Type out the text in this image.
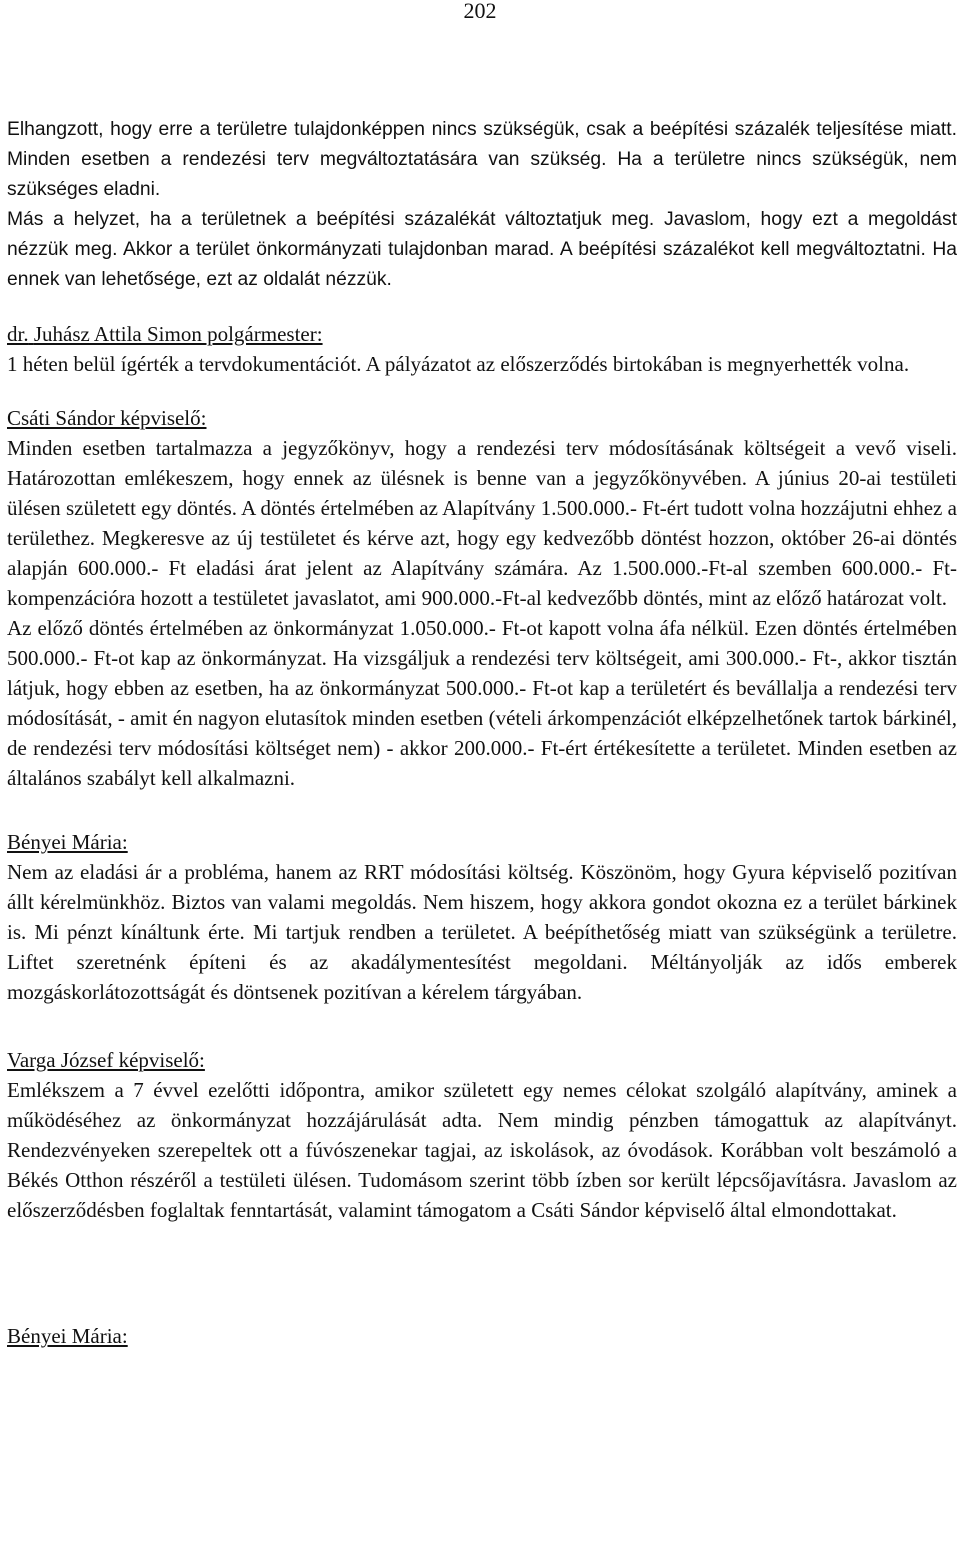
202

Elhangzott, hogy erre a területre tulajdonképpen nincs szükségük, csak a beépítési százalék teljesítése miatt. Minden esetben a rendezési terv megváltoztatására van szükség. Ha a területre nincs szükségük, nem szükséges eladni.

Más a helyzet, ha a területnek a beépítési százalékát változtatjuk meg. Javaslom, hogy ezt a megoldást nézzük meg. Akkor a terület önkormányzati tulajdonban marad. A beépítési százalékot kell megváltoztatni. Ha ennek van lehetősége, ezt az oldalát nézzük.

dr. Juhász Attila Simon polgármester:

1 héten belül ígérték a tervdokumentációt. A pályázatot az előszerződés birtokában is megnyerhették volna.

Csáti Sándor képviselő:

Minden esetben tartalmazza a jegyzőkönyv, hogy a rendezési terv módosításának költségeit a vevő viseli. Határozottan emlékeszem, hogy ennek az ülésnek is benne van a jegyzőkönyvében. A június 20-ai testületi ülésen született egy döntés. A döntés értelmében az Alapítvány 1.500.000.- Ft-ért tudott volna hozzájutni ehhez a területhez. Megkeresve az új testületet és kérve azt, hogy egy kedvezőbb döntést hozzon, október 26-ai döntés alapján 600.000.- Ft eladási árat jelent az Alapítvány számára. Az 1.500.000.-Ft-al szemben 600.000.- Ft- kompenzációra hozott a testületet javaslatot, ami 900.000.-Ft-al kedvezőbb döntés, mint az előző határozat volt.

Az előző döntés értelmében az önkormányzat 1.050.000.- Ft-ot kapott volna áfa nélkül. Ezen döntés értelmében 500.000.- Ft-ot kap az önkormányzat. Ha vizsgáljuk a rendezési terv költségeit, ami 300.000.- Ft-, akkor tisztán látjuk, hogy ebben az esetben, ha az önkormányzat 500.000.- Ft-ot kap a területért és bevállalja a rendezési terv módosítását, - amit én nagyon elutasítok minden esetben (vételi árkompenzációt elképzelhetőnek tartok bárkinél, de rendezési terv módosítási költséget nem) - akkor 200.000.- Ft-ért értékesítette a területet. Minden esetben az általános szabályt kell alkalmazni.

Bényei Mária:

Nem az eladási ár a probléma, hanem az RRT módosítási költség. Köszönöm, hogy Gyura képviselő pozitívan állt kérelmünkhöz. Biztos van valami megoldás. Nem hiszem, hogy akkora gondot okozna ez a terület bárkinek is. Mi pénzt kínáltunk érte. Mi tartjuk rendben a területet. A beépíthetőség miatt van szükségünk a területre. Liftet szeretnénk építeni és az akadálymentesítést megoldani. Méltányolják az idős emberek mozgáskorlátozottságát és döntsenek pozitívan a kérelem tárgyában.

Varga József képviselő:

Emlékszem a 7 évvel ezelőtti időpontra, amikor született egy nemes célokat szolgáló alapítvány, aminek a működéséhez az önkormányzat hozzájárulását adta. Nem mindig pénzben támogattuk az alapítványt. Rendezvényeken szerepeltek ott a fúvószenekar tagjai, az iskolások, az óvodások. Korábban volt beszámoló a Békés Otthon részéről a testületi ülésen. Tudomásom szerint több ízben sor került lépcsőjavításra. Javaslom az előszerződésben foglaltak fenntartását, valamint támogatom a Csáti Sándor képviselő által elmondottakat.

Bényei Mária:
